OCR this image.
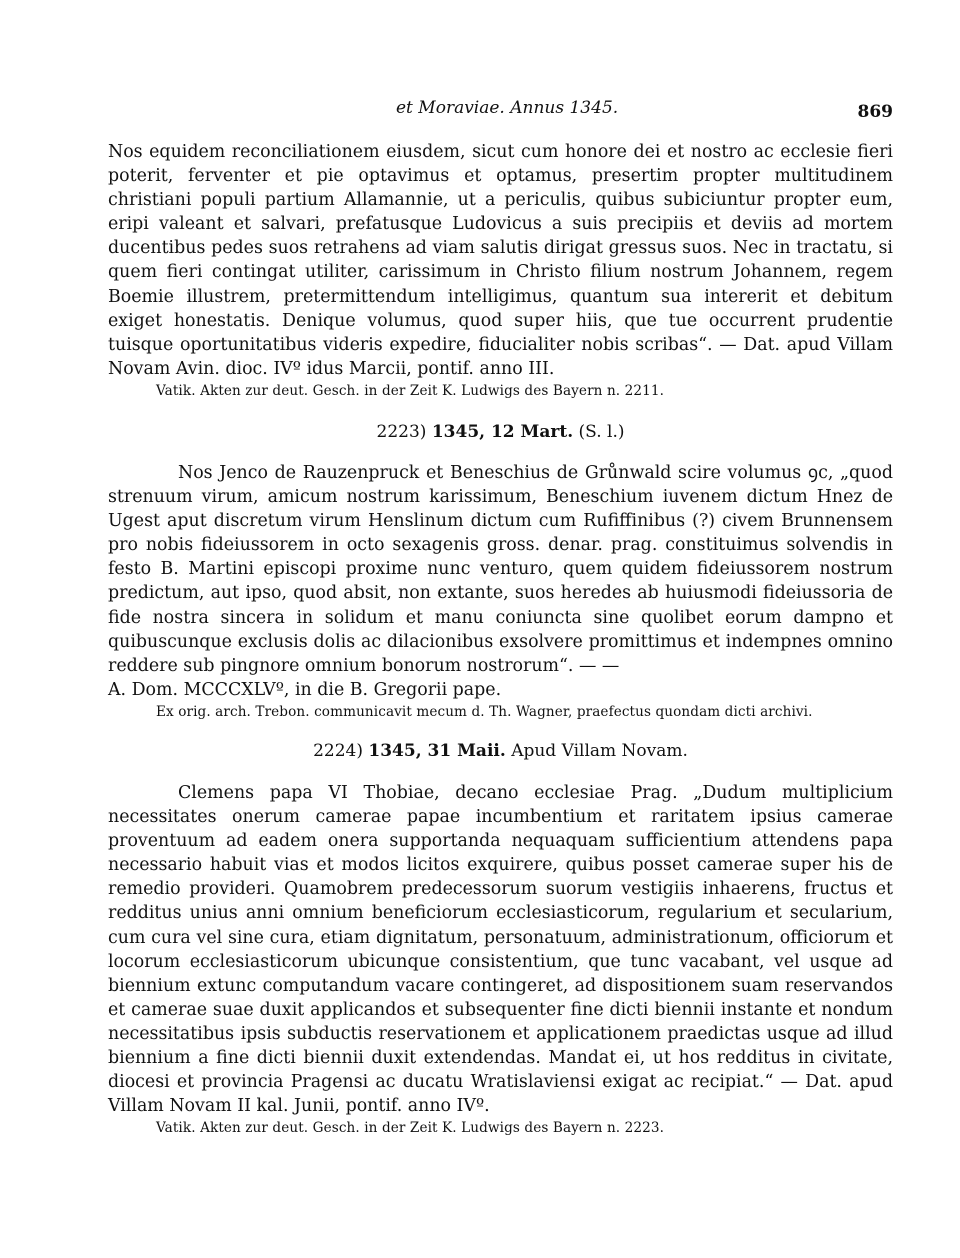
et Moraviae. Annus 1345.	869

Nos equidem reconciliationem eiusdem, sicut cum honore dei et nostro ac ecclesie fieri poterit, ferventer et pie optavimus et optamus, presertim propter multitudinem christiani populi partium Allamannie, ut a periculis, quibus subiciuntur propter eum, eripi valeant et salvari, prefatusque Ludovicus a suis precipiis et deviis ad mortem ducentibus pedes suos retrahens ad viam salutis dirigat gressus suos. Nec in tractatu, si quem fieri contingat utiliter, carissimum in Christo filium nostrum Johannem, regem Boemie illustrem, pretermittendum intelligimus, quantum sua intererit et debitum exiget honestatis. Denique volumus, quod super hiis, que tue occurrent prudentie tuisque oportunitatibus videris expedire, fiducialiter nobis scribas“. — Dat. apud Villam Novam Avin. dioc. IVº idus Marcii, pontif. anno III.

Vatik. Akten zur deut. Gesch. in der Zeit K. Ludwigs des Bayern n. 2211.

2223) 1345, 12 Mart. (S. l.)

Nos Jenco de Rauzenpruck et Beneschius de Grůnwald scire volumus ꝯc, „quod strenuum virum, amicum nostrum karissimum, Beneschium iuvenem dictum Hnez de Ugest aput discretum virum Henslinum dictum cum Rufiffinibus (?) civem Brunnensem pro nobis fideiussorem in octo sexagenis gross. denar. prag. constituimus solvendis in festo B. Martini episcopi proxime nunc venturo, quem quidem fideiussorem nostrum predictum, aut ipso, quod absit, non extante, suos heredes ab huiusmodi fideiussoria de fide nostra sincera in solidum et manu coniuncta sine quolibet eorum dampno et quibuscunque exclusis dolis ac dilacionibus exsolvere promittimus et indempnes omnino reddere sub pingnore omnium bonorum nostrorum“. — —

A. Dom. MCCCXLVº, in die B. Gregorii pape.

Ex orig. arch. Trebon. communicavit mecum d. Th. Wagner, praefectus quondam dicti archivi.

2224) 1345, 31 Maii. Apud Villam Novam.

Clemens papa VI Thobiae, decano ecclesiae Prag. „Dudum multiplicium necessitates onerum camerae papae incumbentium et raritatem ipsius camerae proventuum ad eadem onera supportanda nequaquam sufficientium attendens papa necessario habuit vias et modos licitos exquirere, quibus posset camerae super his de remedio provideri. Quamobrem predecessorum suorum vestigiis inhaerens, fructus et redditus unius anni omnium beneficiorum ecclesiasticorum, regularium et secularium, cum cura vel sine cura, etiam dignitatum, personatuum, administrationum, officiorum et locorum ecclesiasticorum ubicunque consistentium, que tunc vacabant, vel usque ad biennium extunc computandum vacare contingeret, ad dispositionem suam reservandos et camerae suae duxit applicandos et subsequenter fine dicti biennii instante et nondum necessitatibus ipsis subductis reservationem et applicationem praedictas usque ad illud biennium a fine dicti biennii duxit extendendas. Mandat ei, ut hos redditus in civitate, diocesi et provincia Pragensi ac ducatu Wratislaviensi exigat ac recipiat.“ — Dat. apud Villam Novam II kal. Junii, pontif. anno IVº.

Vatik. Akten zur deut. Gesch. in der Zeit K. Ludwigs des Bayern n. 2223.
